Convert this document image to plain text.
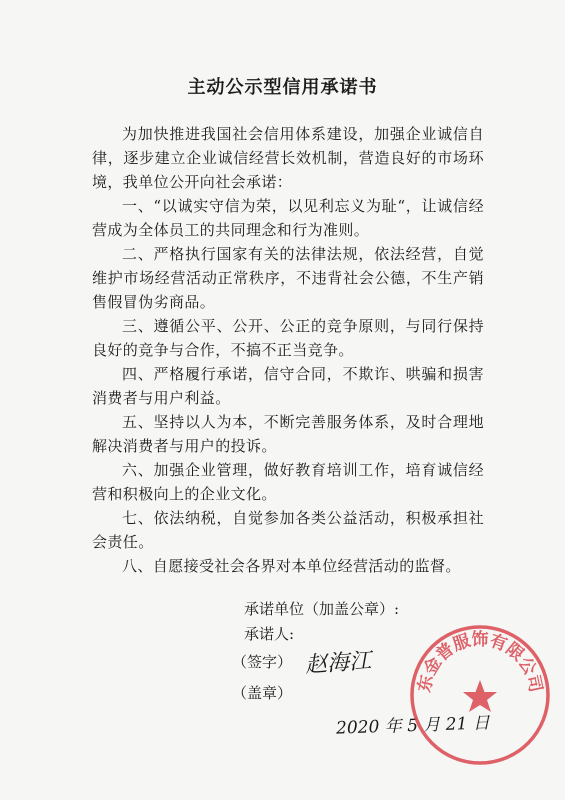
主动公示型信用承诺书

为加快推进我国社会信用体系建设，加强企业诚信自律，逐步建立企业诚信经营长效机制，营造良好的市场环境，我单位公开向社会承诺：

一、“以诚实守信为荣，以见利忘义为耻“，让诚信经营成为全体员工的共同理念和行为准则。

二、严格执行国家有关的法律法规，依法经营，自觉维护市场经营活动正常秩序，不违背社会公德，不生产销售假冒伪劣商品。

三、遵循公平、公开、公正的竞争原则，与同行保持良好的竞争与合作，不搞不正当竞争。

四、严格履行承诺，信守合同，不欺诈、哄骗和损害消费者与用户利益。

五、坚持以人为本，不断完善服务体系，及时合理地解决消费者与用户的投诉。

六、加强企业管理，做好教育培训工作，培育诚信经营和积极向上的企业文化。

七、依法纳税，自觉参加各类公益活动，积极承担社会责任。

八、自愿接受社会各界对本单位经营活动的监督。

承诺单位（加盖公章）:
承诺人:
（签字）
（盖章）
赵海江
2020 年 5 月 21 日
东金普服饰有限公司
